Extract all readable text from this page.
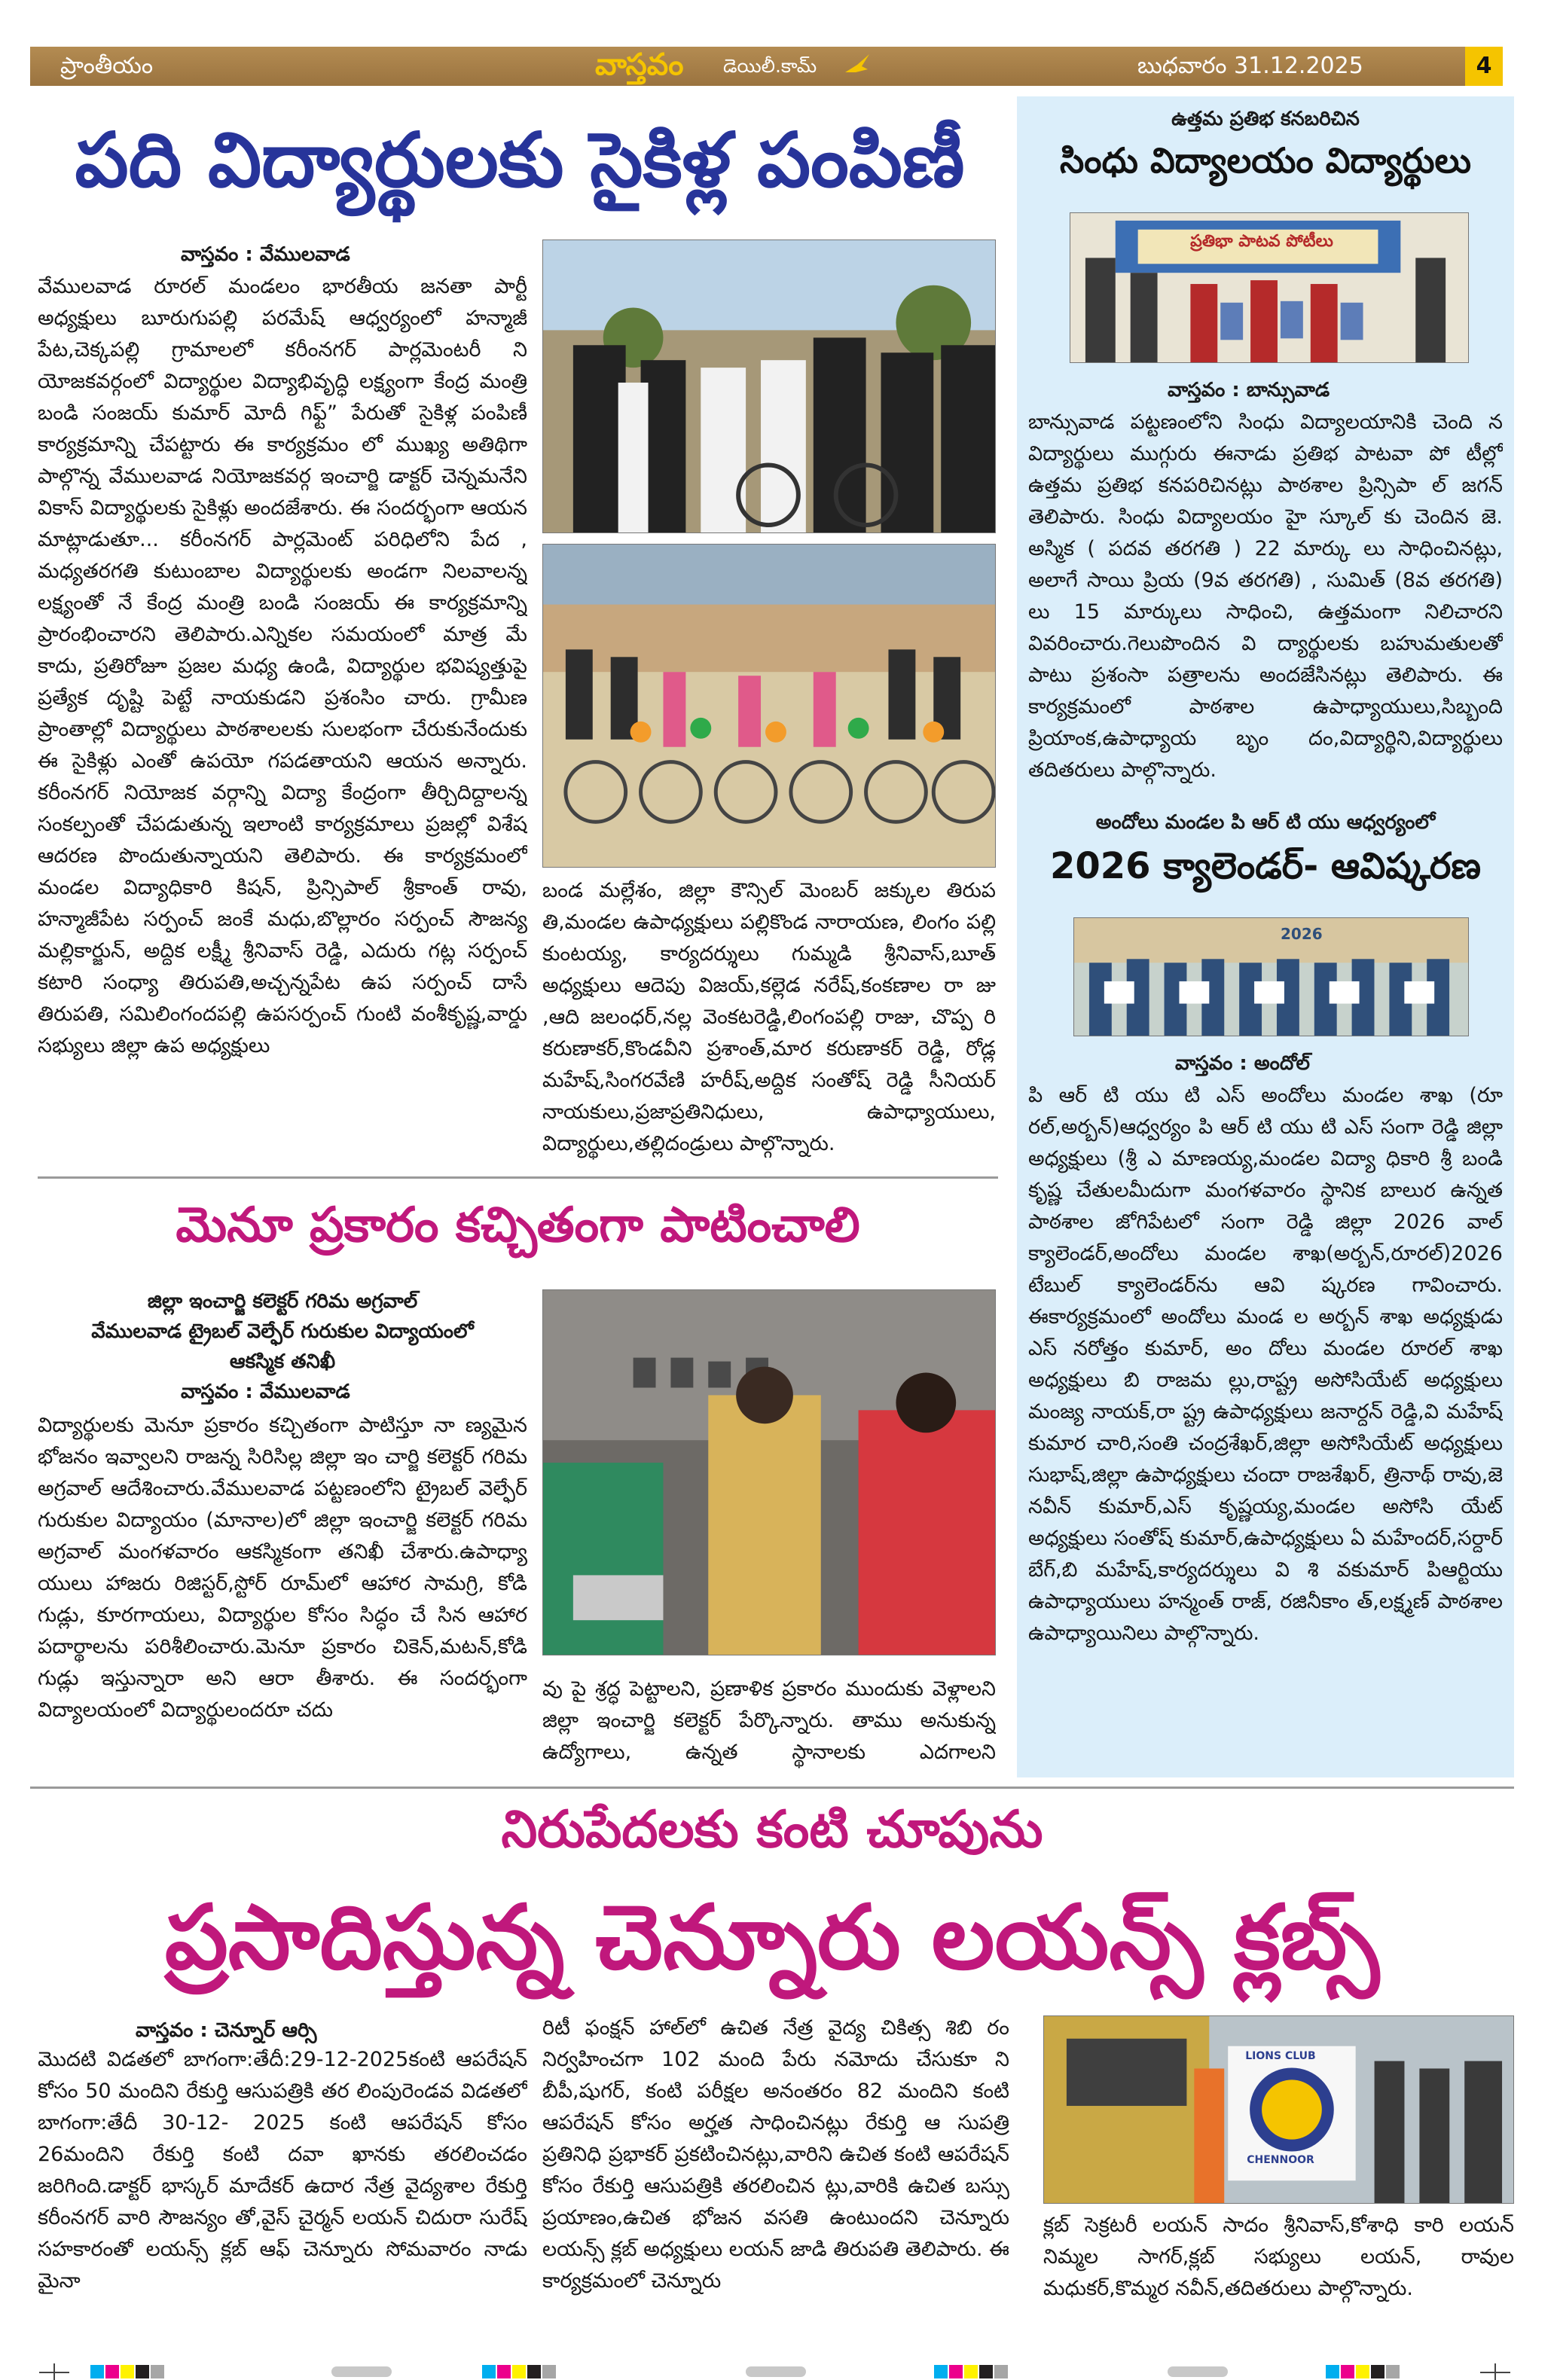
4
ప్రాంతీయం	వాస్తవం డెయిలీ.కామ్	బుధవారం 31.12.2025
పది విద్యార్థులకు సైకిళ్ల పంపిణీ
వాస్తవం : వేములవాడ
వేములవాడ రూరల్ మండలం భారతీయ జనతా పార్టీ అధ్యక్షులు బూరుగుపల్లి పరమేష్ ఆధ్వర్యంలో హన్మాజీ పేట,చెక్కపల్లి గ్రామాలలో కరీంనగర్ పార్లమెంటరీ ని యోజకవర్గంలో విద్యార్థుల విద్యాభివృద్ధి లక్ష్యంగా కేంద్ర మంత్రి బండి సంజయ్ కుమార్ మోదీ గిఫ్ట్” పేరుతో సైకిళ్ల పంపిణీ కార్యక్రమాన్ని చేపట్టారు ఈ కార్యక్రమం లో ముఖ్య అతిథిగా పాల్గొన్న వేములవాడ నియోజకవర్గ ఇంచార్జి డాక్టర్ చెన్నమనేని వికాస్ విద్యార్థులకు సైకిళ్లు అందజేశారు. ఈ సందర్భంగా ఆయన మాట్లాడుతూ... కరీంనగర్ పార్లమెంట్ పరిధిలోని పేద , మధ్యతరగతి కుటుంబాల విద్యార్థులకు అండగా నిలవాలన్న లక్ష్యంతో నే కేంద్ర మంత్రి బండి సంజయ్ ఈ కార్యక్రమాన్ని ప్రారంభించారని తెలిపారు.ఎన్నికల సమయంలో మాత్ర మే కాదు, ప్రతిరోజూ ప్రజల మధ్య ఉండి, విద్యార్థుల భవిష్యత్తుపై ప్రత్యేక దృష్టి పెట్టే నాయకుడని ప్రశంసిం చారు. గ్రామీణ ప్రాంతాల్లో విద్యార్థులు పాఠశాలలకు సులభంగా చేరుకునేందుకు ఈ సైకిళ్లు ఎంతో ఉపయో గపడతాయని ఆయన అన్నారు. కరీంనగర్ నియోజక వర్గాన్ని విద్యా కేంద్రంగా తీర్చిదిద్దాలన్న సంకల్పంతో చేపడుతున్న ఇలాంటి కార్యక్రమాలు ప్రజల్లో విశేష ఆదరణ పొందుతున్నాయని తెలిపారు. ఈ కార్యక్రమంలో మండల విద్యాధికారి కిషన్, ప్రిన్సిపాల్ శ్రీకాంత్ రావు, హన్మాజీపేట సర్పంచ్ జంకే మధు,బొల్లారం సర్పంచ్ సౌజన్య మల్లికార్జున్, అద్దిక లక్ష్మీ శ్రీనివాస్ రెడ్డి, ఎదురు గట్ల సర్పంచ్ కటారి సంధ్యా తిరుపతి,అచ్చన్నపేట ఉప సర్పంచ్ దాసే తిరుపతి, సమిలింగందపల్లి ఉపసర్పంచ్ గుంటి వంశీకృష్ణ,వార్డు సభ్యులు జిల్లా ఉప అధ్యక్షులు
బండ మల్లేశం, జిల్లా కౌన్సిల్ మెంబర్ జక్కుల తిరుప తి,మండల ఉపాధ్యక్షులు పల్లికొండ నారాయణ, లింగం పల్లి కుంటయ్య, కార్యదర్శులు గుమ్మడి శ్రీనివాస్,బూత్ అధ్యక్షులు ఆదెపు విజయ్,కల్లెడ నరేష్,కంకణాల రా జు ,ఆది జలంధర్,నల్ల వెంకటరెడ్డి,లింగంపల్లి రాజు, చొప్ప రి కరుణాకర్,కొండవీని ప్రశాంత్,మార కరుణాకర్ రెడ్డి, రోడ్ల మహేష్,సింగరవేణి హరీష్,అద్దిక సంతోష్ రెడ్డి సీనియర్ నాయకులు,ప్రజాప్రతినిధులు, ఉపాధ్యాయులు, విద్యార్థులు,తల్లిదండ్రులు పాల్గొన్నారు.
ఉత్తమ ప్రతిభ కనబరిచిన
సింధు విద్యాలయం విద్యార్థులు
ప్రతిభా పాటవ పోటీలు
వాస్తవం : బాన్సువాడ
బాన్సువాడ పట్టణంలోని సింధు విద్యాలయానికి చెంది న విద్యార్థులు ముగ్గురు ఈనాడు ప్రతిభ పాటవా పో టీల్లో ఉత్తమ ప్రతిభ కనపరిచినట్లు పాఠశాల ప్రిన్సిపా ల్ జగన్ తెలిపారు. సింధు విద్యాలయం హై స్కూల్ కు చెందిన జె. అస్మిక ( పదవ తరగతి ) 22 మార్కు లు సాధించినట్లు, అలాగే సాయి ప్రియ (9వ తరగతి) , సుమిత్ (8వ తరగతి) లు 15 మార్కులు సాధించి, ఉత్తమంగా నిలిచారని వివరించారు.గెలుపొందిన వి ద్యార్థులకు బహుమతులతో పాటు ప్రశంసా పత్రాలను అందజేసినట్లు తెలిపారు. ఈ కార్యక్రమంలో పాఠశాల ఉపాధ్యాయులు,సిబ్బంది ప్రియాంక,ఉపాధ్యాయ బృం దం,విద్యార్థిని,విద్యార్థులు తదితరులు పాల్గొన్నారు.
అందోలు మండల పి ఆర్ టి యు ఆధ్వర్యంలో
2026 క్యాలెండర్- ఆవిష్కరణ
2026
వాస్తవం : అందోల్
పి ఆర్ టి యు టి ఎస్ అందోలు మండల శాఖ (రూ రల్,అర్బన్)ఆధ్వర్యం పి ఆర్ టి యు టి ఎస్ సంగా రెడ్డి జిల్లా అధ్యక్షులు (శ్రీ ఎ మాణయ్య,మండల విద్యా ధికారి శ్రీ బండి కృష్ణ చేతులమీదుగా మంగళవారం స్థానిక బాలుర ఉన్నత పాఠశాల జోగిపేటలో సంగా రెడ్డి జిల్లా 2026 వాల్ క్యాలెండర్,అందోలు మండల శాఖ(అర్బన్,రూరల్)2026 టేబుల్ క్యాలెండర్‌ను ఆవి ష్కరణ గావించారు. ఈకార్యక్రమంలో అందోలు మండ ల అర్బన్ శాఖ అధ్యక్షుడు ఎస్ నరోత్తం కుమార్, అం దోలు మండల రూరల్ శాఖ అధ్యక్షులు బి రాజమ ల్లు,రాష్ట్ర అసోసియేట్ అధ్యక్షులు మంజ్య నాయక్,రా ష్ట్ర ఉపాధ్యక్షులు జనార్దన్ రెడ్డి,వి మహేష్ కుమార చారి,సంతి చంద్రశేఖర్,జిల్లా అసోసియేట్ అధ్యక్షులు సుభాష్,జిల్లా ఉపాధ్యక్షులు చందా రాజశేఖర్, త్రినాథ్ రావు,జె నవీన్ కుమార్,ఎస్ కృష్ణయ్య,మండల అసోసి యేట్ అధ్యక్షులు సంతోష్ కుమార్,ఉపాధ్యక్షులు ఏ మహేందర్,సర్దార్ బేగ్,బి మహేష్,కార్యదర్శులు వి శి వకుమార్ పిఆర్టియు ఉపాధ్యాయులు హన్మంత్ రాజ్, రజినీకాం త్,లక్ష్మణ్ పాఠశాల ఉపాధ్యాయినిలు పాల్గొన్నారు.
మెనూ ప్రకారం కచ్చితంగా పాటించాలి
జిల్లా ఇంచార్జి కలెక్టర్ గరిమ అగ్రవాల్
వేములవాడ ట్రైబల్ వెల్ఫేర్ గురుకుల విద్యాయంలో
ఆకస్మిక తనిఖీ
వాస్తవం : వేములవాడ
విద్యార్థులకు మెనూ ప్రకారం కచ్చితంగా పాటిస్తూ నా ణ్యమైన భోజనం ఇవ్వాలని రాజన్న సిరిసిల్ల జిల్లా ఇం చార్జి కలెక్టర్ గరిమ అగ్రవాల్ ఆదేశించారు.వేములవాడ పట్టణంలోని ట్రైబల్ వెల్ఫేర్ గురుకుల విద్యాయం (మానాల)లో జిల్లా ఇంచార్జి కలెక్టర్ గరిమ అగ్రవాల్ మంగళవారం ఆకస్మికంగా తనిఖీ చేశారు.ఉపాధ్యా యులు హాజరు రిజిస్టర్,స్టోర్ రూమ్‌లో ఆహార సామగ్రి, కోడి గుడ్లు, కూరగాయలు, విద్యార్థుల కోసం సిద్ధం చే సిన ఆహార పదార్థాలను పరిశీలించారు.మెనూ ప్రకారం చికెన్,మటన్,కోడి గుడ్లు ఇస్తున్నారా అని ఆరా తీశారు. ఈ సందర్భంగా విద్యాలయంలో విద్యార్థులందరూ చదు
వు పై శ్రద్ధ పెట్టాలని, ప్రణాళిక ప్రకారం ముందుకు వెళ్లాలని జిల్లా ఇంచార్జి కలెక్టర్ పేర్కొన్నారు. తాము అనుకున్న ఉద్యోగాలు, ఉన్నత స్థానాలకు ఎదగాలని
నిరుపేదలకు కంటి చూపును
ప్రసాదిస్తున్న చెన్నూరు లయన్స్ క్లబ్స్
వాస్తవం : చెన్నూర్ ఆర్సి
మొదటి విడతలో బాగంగా:తేదీ:29-12-2025కంటి ఆపరేషన్ కోసం 50 మందిని రేకుర్తి ఆసుపత్రికి తర లింపురెండవ విడతలో బాగంగా:తేదీ 30-12- 2025 కంటి ఆపరేషన్ కోసం 26మందిని రేకుర్తి కంటి దవా ఖానకు తరలించడం జరిగింది.డాక్టర్ భాస్కర్ మాదేకర్ ఉదార నేత్ర వైద్యశాల రేకుర్తి కరీంనగర్ వారి సౌజన్యం తో,వైస్ చైర్మన్ లయన్ చిదురా సురేష్ సహకారంతో లయన్స్ క్లబ్ ఆఫ్ చెన్నూరు సోమవారం నాడు మైనా
రిటీ ఫంక్షన్ హాల్‌లో ఉచిత నేత్ర వైద్య చికిత్స శిబి రం నిర్వహించగా 102 మంది పేరు నమోదు చేసుకూ ని బీపీ,షుగర్, కంటి పరీక్షల అనంతరం 82 మందిని కంటి ఆపరేషన్ కోసం అర్హత సాధించినట్లు రేకుర్తి ఆ సుపత్రి ప్రతినిధి ప్రభాకర్ ప్రకటించినట్లు,వారిని ఉచిత కంటి ఆపరేషన్ కోసం రేకుర్తి ఆసుపత్రికి తరలించిన ట్లు,వారికి ఉచిత బస్సు ప్రయాణం,ఉచిత భోజన వసతి ఉంటుందని చెన్నూరు లయన్స్ క్లబ్ అధ్యక్షులు లయన్ జాడి తిరుపతి తెలిపారు. ఈ కార్యక్రమంలో చెన్నూరు
LIONS CLUB
CHENNOOR
క్లబ్ సెక్రటరీ లయన్ సాదం శ్రీనివాస్,కోశాధి కారి లయన్ నిమ్మల సాగర్,క్లబ్ సభ్యులు లయన్, రావుల మధుకర్,కొమ్మర నవీన్,తదితరులు పాల్గొన్నారు.
